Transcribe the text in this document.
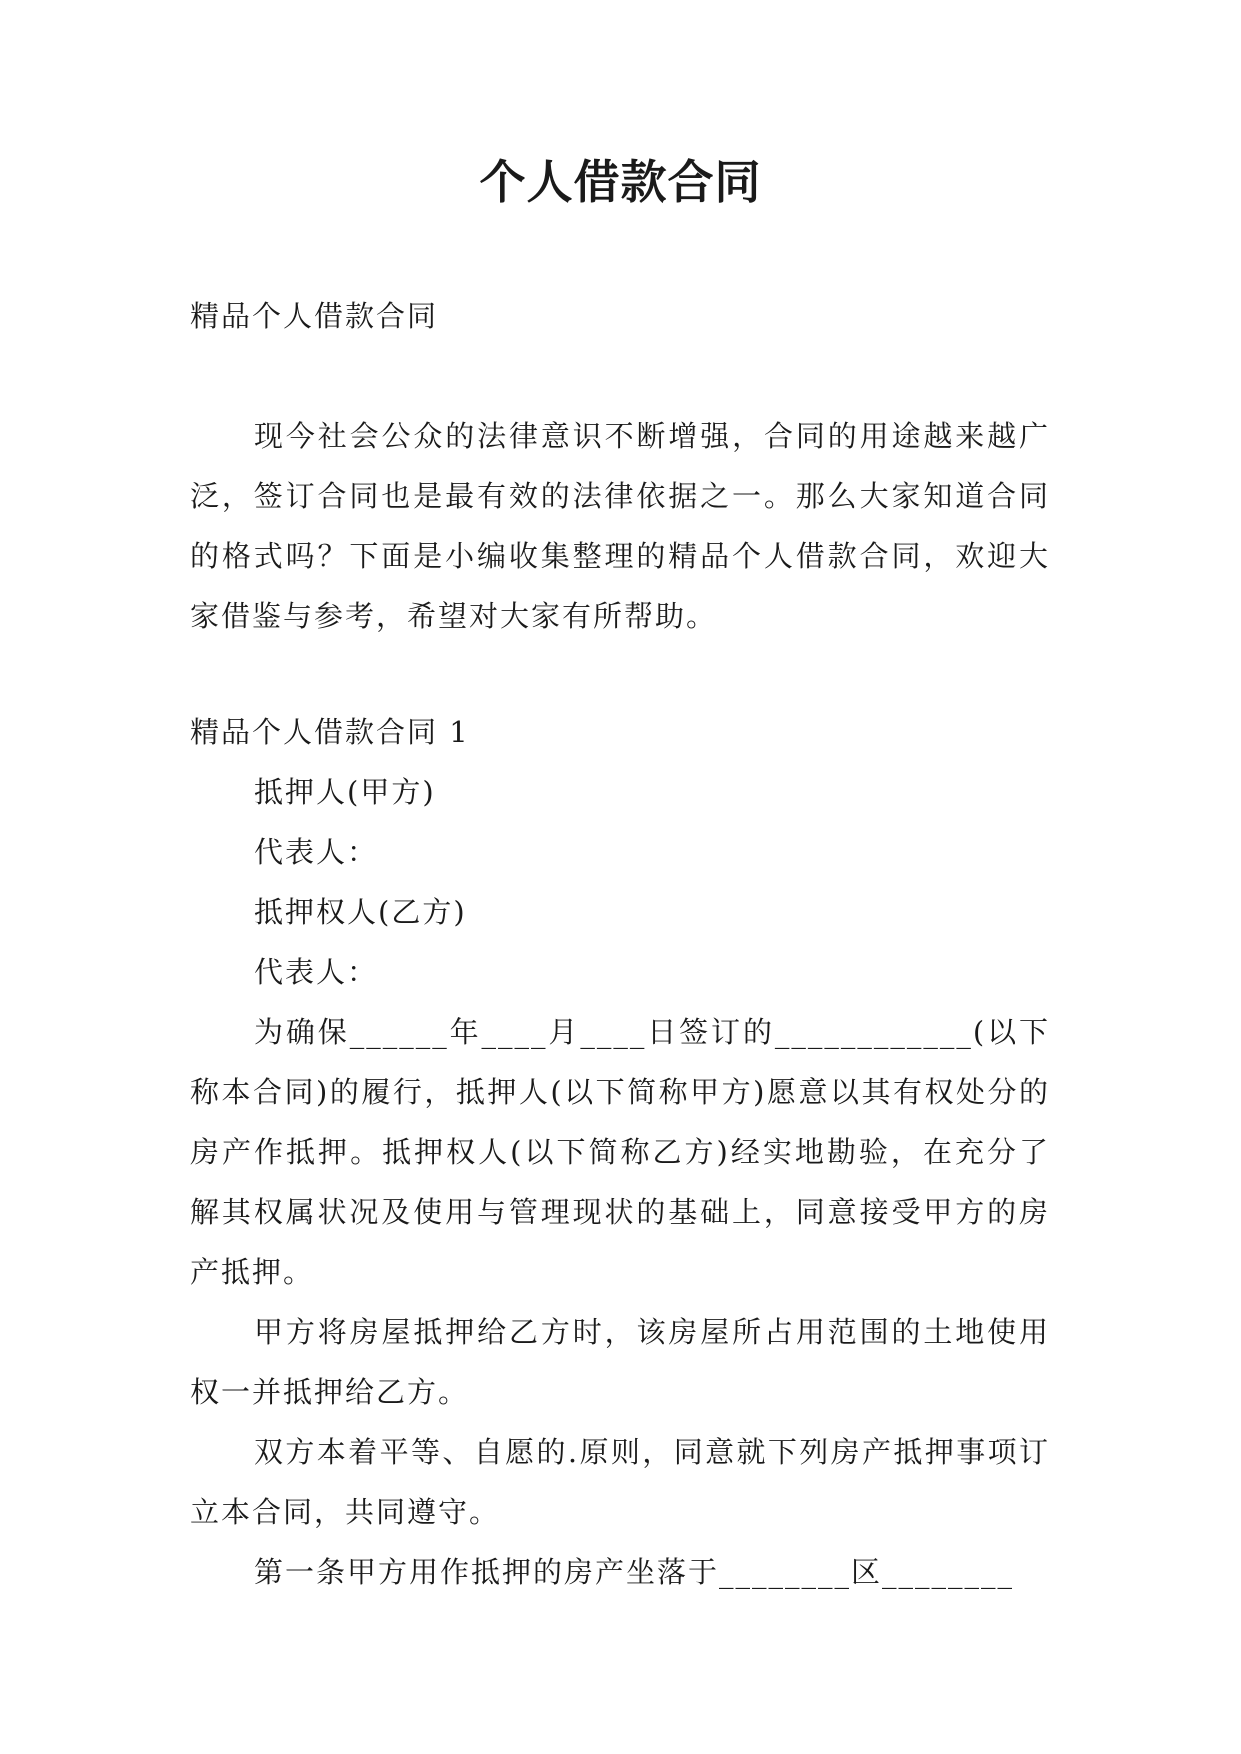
个人借款合同

精品个人借款合同

现今社会公众的法律意识不断增强，合同的用途越来越广泛，签订合同也是最有效的法律依据之一。那么大家知道合同的格式吗？下面是小编收集整理的精品个人借款合同，欢迎大家借鉴与参考，希望对大家有所帮助。

精品个人借款合同 1

抵押人(甲方)

代表人：

抵押权人(乙方)

代表人：

为确保______年____月____日签订的____________(以下称本合同)的履行，抵押人(以下简称甲方)愿意以其有权处分的房产作抵押。抵押权人(以下简称乙方)经实地勘验，在充分了解其权属状况及使用与管理现状的基础上，同意接受甲方的房产抵押。

甲方将房屋抵押给乙方时，该房屋所占用范围的土地使用权一并抵押给乙方。

双方本着平等、自愿的.原则，同意就下列房产抵押事项订立本合同，共同遵守。

第一条甲方用作抵押的房产坐落于________区________
